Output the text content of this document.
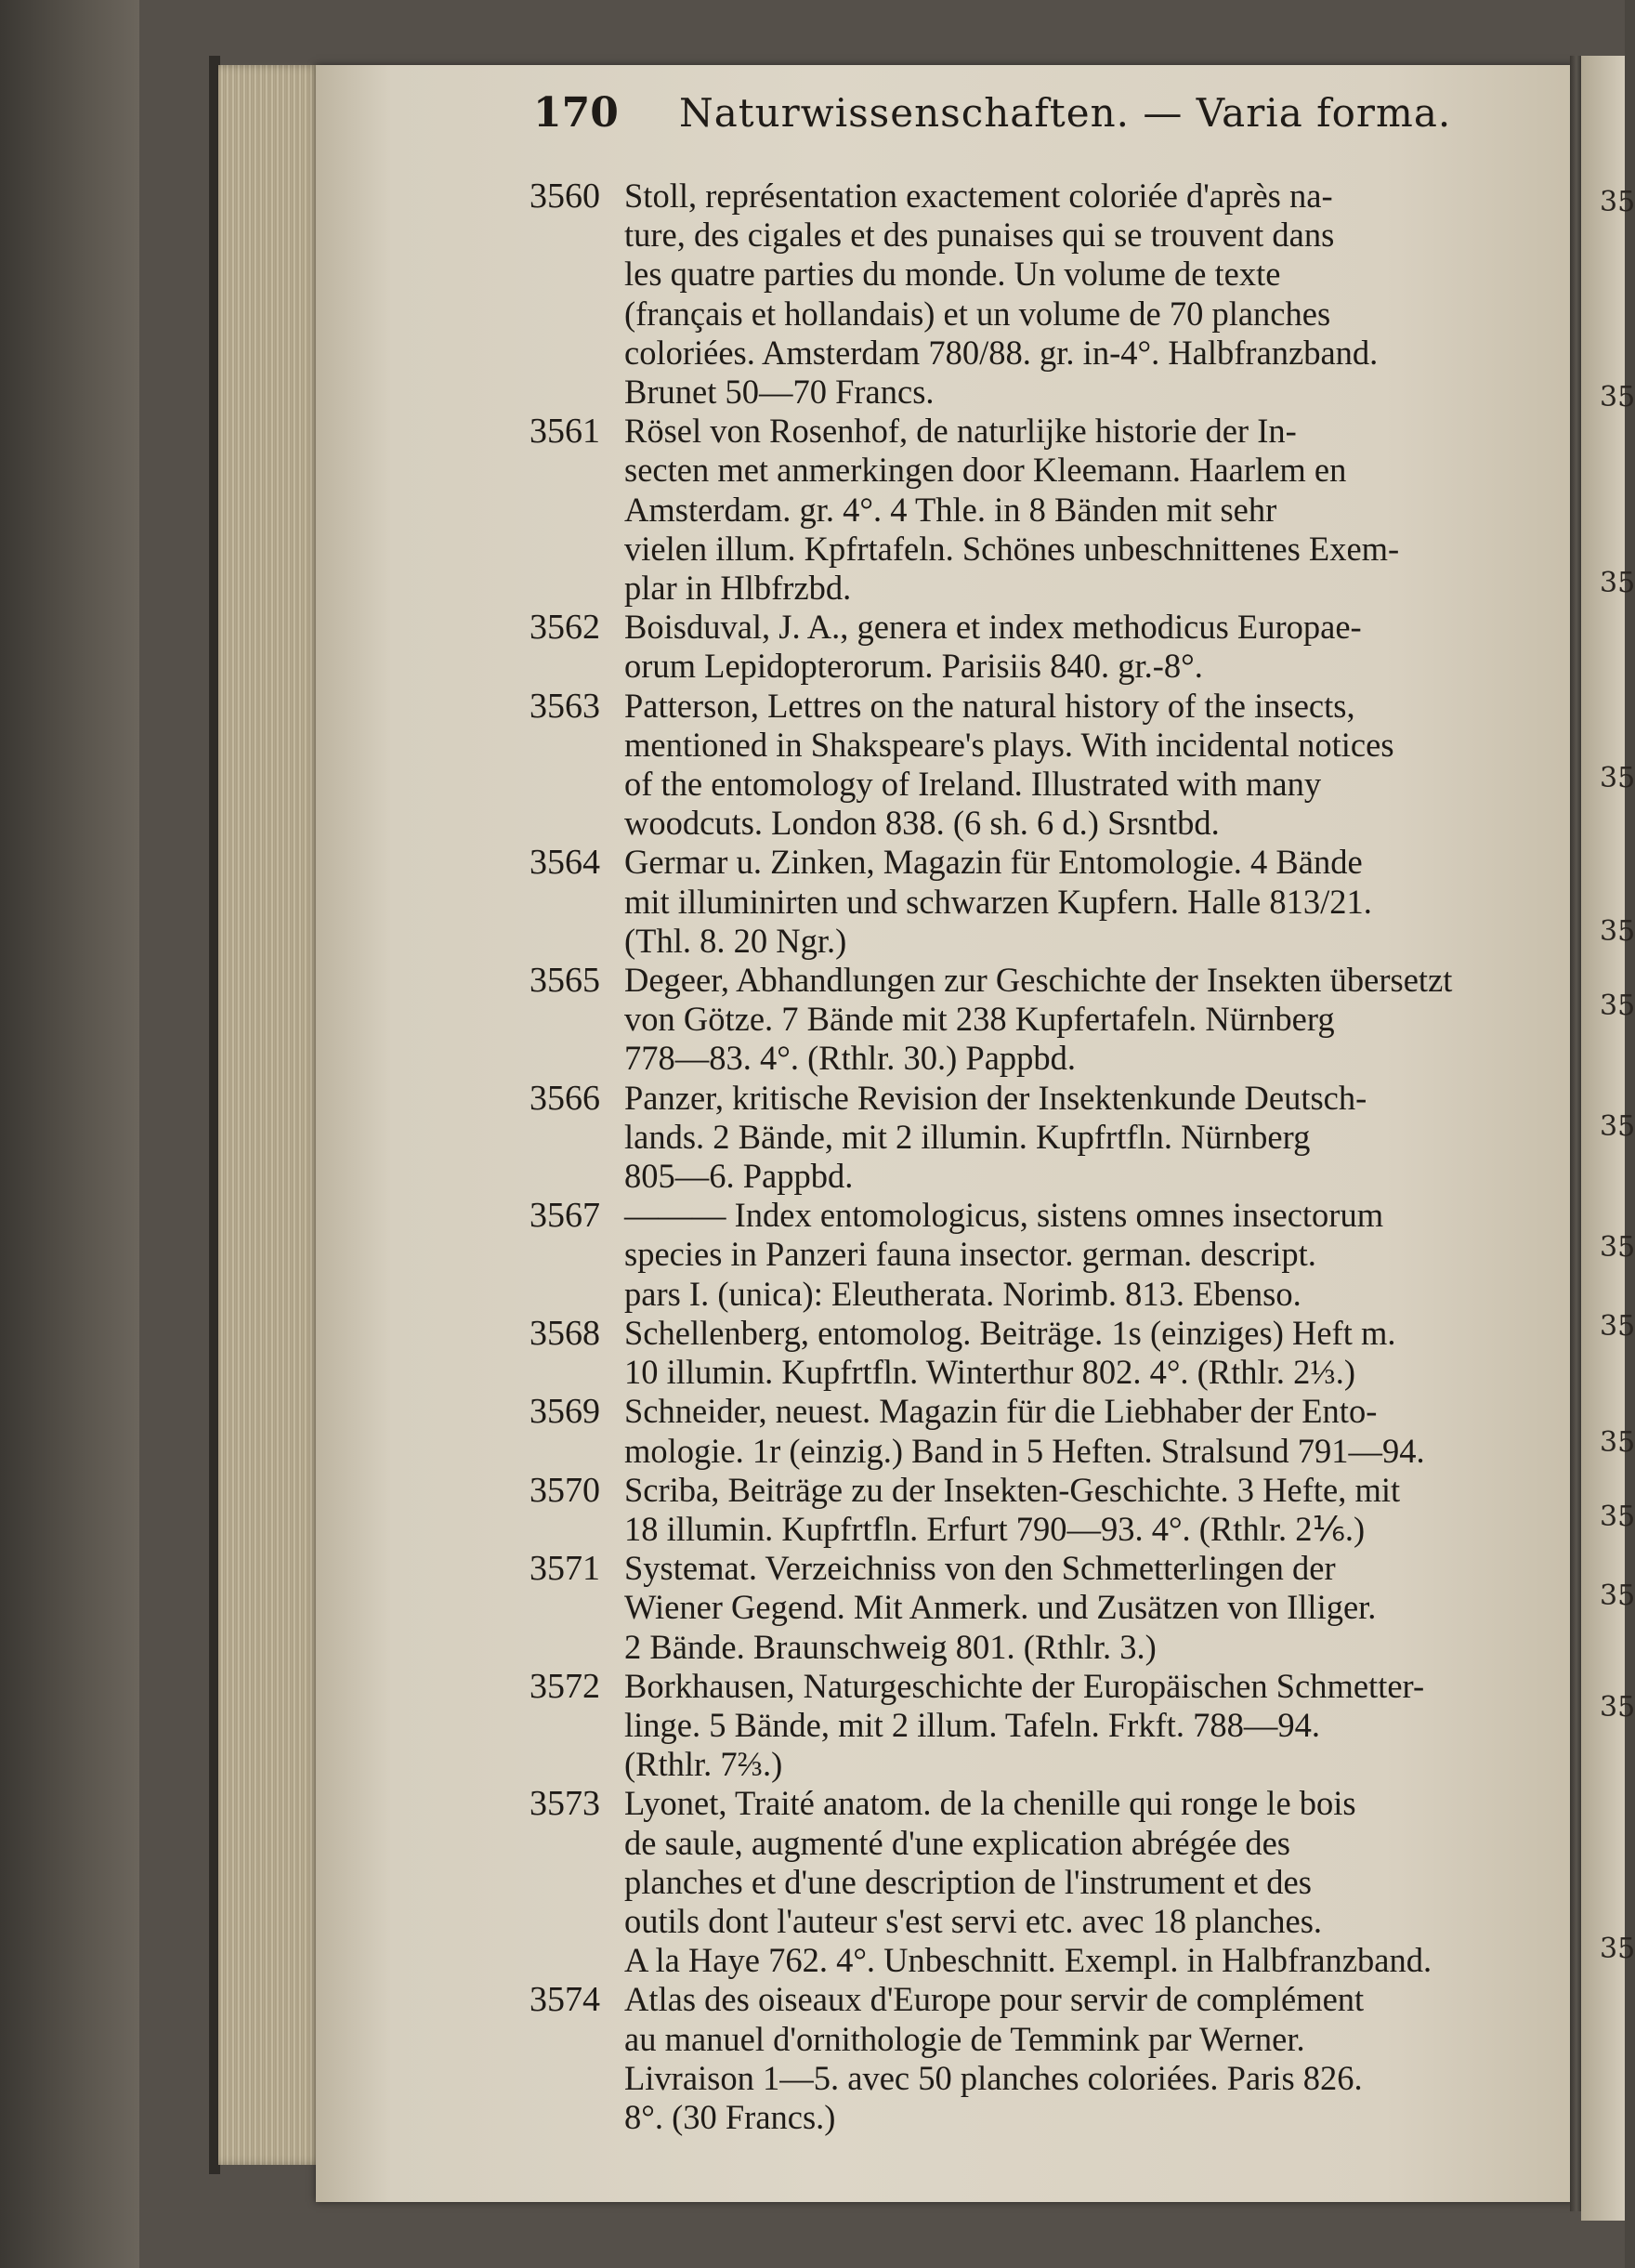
170 Naturwissenschaften. — Varia forma.
3560 Stoll, représentation exactement coloriée d'après na-
ture, des cigales et des punaises qui se trouvent dans
les quatre parties du monde. Un volume de texte
(français et hollandais) et un volume de 70 planches
coloriées. Amsterdam 780/88. gr. in-4°. Halbfranzband.
Brunet 50—70 Francs.
3561 Rösel von Rosenhof, de naturlijke historie der In-
secten met anmerkingen door Kleemann. Haarlem en
Amsterdam. gr. 4°. 4 Thle. in 8 Bänden mit sehr
vielen illum. Kpfrtafeln. Schönes unbeschnittenes Exem-
plar in Hlbfrzbd.
3562 Boisduval, J. A., genera et index methodicus Europae-
orum Lepidopterorum. Parisiis 840. gr.-8°.
3563 Patterson, Lettres on the natural history of the insects,
mentioned in Shakspeare's plays. With incidental notices
of the entomology of Ireland. Illustrated with many
woodcuts. London 838. (6 sh. 6 d.) Srsntbd.
3564 Germar u. Zinken, Magazin für Entomologie. 4 Bände
mit illuminirten und schwarzen Kupfern. Halle 813/21.
(Thl. 8. 20 Ngr.)
3565 Degeer, Abhandlungen zur Geschichte der Insekten übersetzt
von Götze. 7 Bände mit 238 Kupfertafeln. Nürnberg
778—83. 4°. (Rthlr. 30.) Pappbd.
3566 Panzer, kritische Revision der Insektenkunde Deutsch-
lands. 2 Bände, mit 2 illumin. Kupfrtfln. Nürnberg
805—6. Pappbd.
3567 ——— Index entomologicus, sistens omnes insectorum
species in Panzeri fauna insector. german. descript.
pars I. (unica): Eleutherata. Norimb. 813. Ebenso.
3568 Schellenberg, entomolog. Beiträge. 1s (einziges) Heft m.
10 illumin. Kupfrtfln. Winterthur 802. 4°. (Rthlr. 2⅓.)
3569 Schneider, neuest. Magazin für die Liebhaber der Ento-
mologie. 1r (einzig.) Band in 5 Heften. Stralsund 791—94.
3570 Scriba, Beiträge zu der Insekten-Geschichte. 3 Hefte, mit
18 illumin. Kupfrtfln. Erfurt 790—93. 4°. (Rthlr. 2⅙.)
3571 Systemat. Verzeichniss von den Schmetterlingen der
Wiener Gegend. Mit Anmerk. und Zusätzen von Illiger.
2 Bände. Braunschweig 801. (Rthlr. 3.)
3572 Borkhausen, Naturgeschichte der Europäischen Schmetter-
linge. 5 Bände, mit 2 illum. Tafeln. Frkft. 788—94.
(Rthlr. 7⅔.)
3573 Lyonet, Traité anatom. de la chenille qui ronge le bois
de saule, augmenté d'une explication abrégée des
planches et d'une description de l'instrument et des
outils dont l'auteur s'est servi etc. avec 18 planches.
A la Haye 762. 4°. Unbeschnitt. Exempl. in Halbfranzband.
3574 Atlas des oiseaux d'Europe pour servir de complément
au manuel d'ornithologie de Temmink par Werner.
Livraison 1—5. avec 50 planches coloriées. Paris 826.
8°. (30 Francs.)
35
35
35
35
35
35
35
35
35
35
35
35
35
35
